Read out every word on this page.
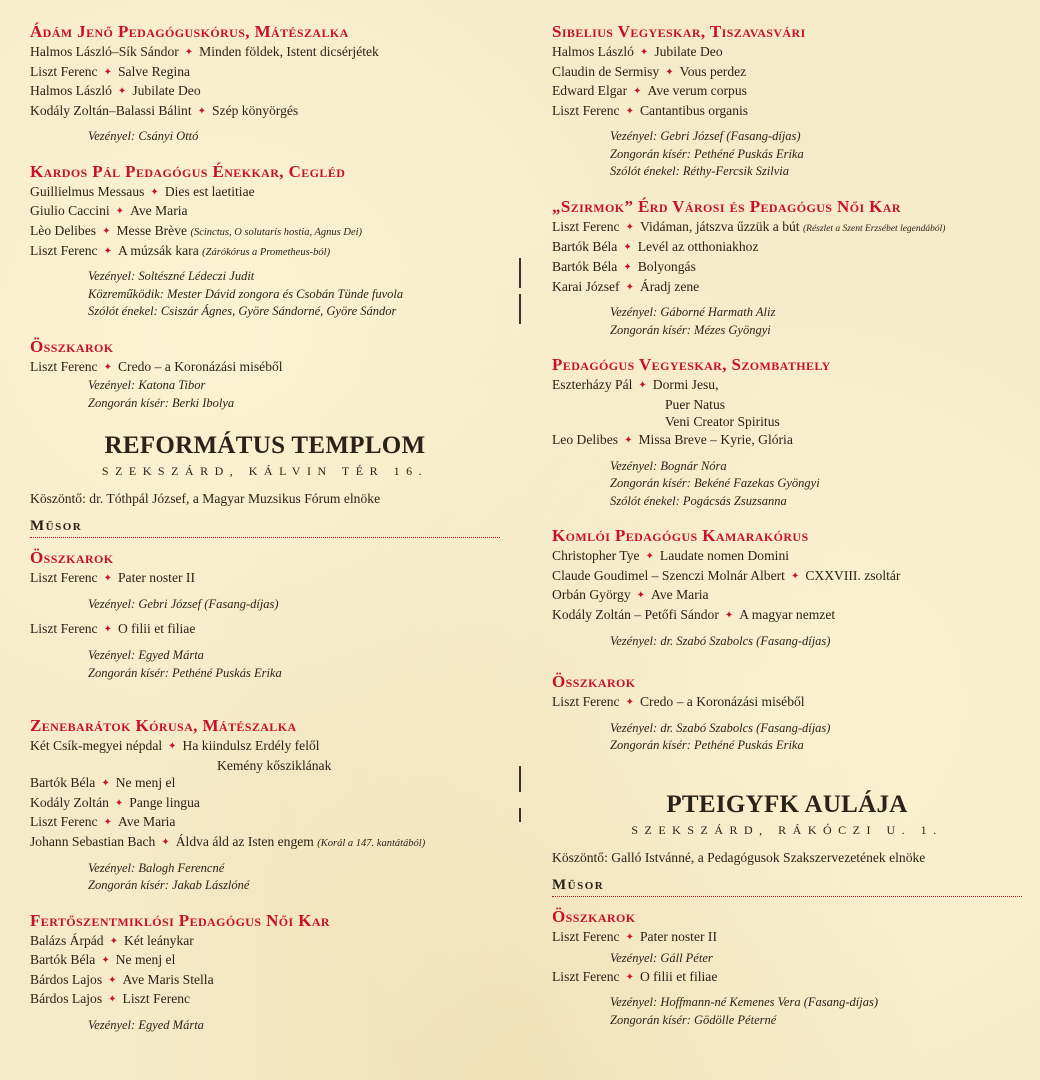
Ádám Jenő Pedagóguskórus, Mátészalka
Halmos László–Sík Sándor ✦ Minden földek, Istent dicsérjétek
Liszt Ferenc ✦ Salve Regina
Halmos László ✦ Jubilate Deo
Kodály Zoltán–Balassi Bálint ✦ Szép könyörgés
Vezényel: Csányi Ottó
Kardos Pál Pedagógus Énekkar, Cegléd
Guillielmus Messaus ✦ Dies est laetitiae
Giulio Caccini ✦ Ave Maria
Lèo Delibes ✦ Messe Brève (Scinctus, O solutaris hostia, Agnus Dei)
Liszt Ferenc ✦ A múzsák kara (Zárókórus a Prometheus-ból)
Vezényel: Soltészné Lédeczi Judit
Közreműködik: Mester Dávid zongora és Csobán Tünde fuvola
Szólót énekel: Csiszár Ágnes, Györe Sándorné, Györe Sándor
Összkarok
Liszt Ferenc ✦ Credo – a Koronázási miséből
Vezényel: Katona Tibor
Zongorán kísér: Berki Ibolya
REFORMÁTUS TEMPLOM
SZEKSZÁRD, KÁLVIN TÉR 16.
Köszöntő: dr. Tóthpál József, a Magyar Muzsikus Fórum elnöke
Műsor
Összkarok
Liszt Ferenc ✦ Pater noster II
Vezényel: Gebri József (Fasang-díjas)
Liszt Ferenc ✦ O filii et filiae
Vezényel: Egyed Márta
Zongorán kísér: Pethéné Puskás Erika
Zenebarátok Kórusa, Mátészalka
Két Csík-megyei népdal ✦ Ha kiindulsz Erdély felől
Kemény kősziklának
Bartók Béla ✦ Ne menj el
Kodály Zoltán ✦ Pange lingua
Liszt Ferenc ✦ Ave Maria
Johann Sebastian Bach ✦ Áldva áld az Isten engem (Korál a 147. kantátából)
Vezényel: Balogh Ferencné
Zongorán kísér: Jakab Lászlóné
Fertőszentmiklósi Pedagógus Női Kar
Balázs Árpád ✦ Két leánykar
Bartók Béla ✦ Ne menj el
Bárdos Lajos ✦ Ave Maris Stella
Bárdos Lajos ✦ Liszt Ferenc
Vezényel: Egyed Márta
Sibelius Vegyeskar, Tiszavasvári
Halmos László ✦ Jubilate Deo
Claudin de Sermisy ✦ Vous perdez
Edward Elgar ✦ Ave verum corpus
Liszt Ferenc ✦ Cantantibus organis
Vezényel: Gebri József (Fasang-díjas)
Zongorán kísér: Pethéné Puskás Erika
Szólót énekel: Réthy-Fercsik Szilvia
„Szirmok” Érd Városi és Pedagógus Női Kar
Liszt Ferenc ✦ Vidáman, játszva űzzük a bút (Részlet a Szent Erzsébet legendából)
Bartók Béla ✦ Levél az otthoniakhoz
Bartók Béla ✦ Bolyongás
Karai József ✦ Áradj zene
Vezényel: Gáborné Harmath Aliz
Zongorán kísér: Mézes Gyöngyi
Pedagógus Vegyeskar, Szombathely
Eszterházy Pál ✦ Dormi Jesu,
Puer Natus
Veni Creator Spiritus
Leo Delibes ✦ Missa Breve – Kyrie, Glória
Vezényel: Bognár Nóra
Zongorán kísér: Bekéné Fazekas Gyöngyi
Szólót énekel: Pogácsás Zsuzsanna
Komlói Pedagógus Kamarakórus
Christopher Tye ✦ Laudate nomen Domini
Claude Goudimel – Szenczi Molnár Albert ✦ CXXVIII. zsoltár
Orbán György ✦ Ave Maria
Kodály Zoltán – Petőfi Sándor ✦ A magyar nemzet
Vezényel: dr. Szabó Szabolcs (Fasang-díjas)
Összkarok
Liszt Ferenc ✦ Credo – a Koronázási miséből
Vezényel: dr. Szabó Szabolcs (Fasang-díjas)
Zongorán kísér: Pethéné Puskás Erika
PTEIGYFK AULÁJA
SZEKSZÁRD, RÁKÓCZI U. 1.
Köszöntő: Galló Istvánné, a Pedagógusok Szakszervezetének elnöke
Műsor
Összkarok
Liszt Ferenc ✦ Pater noster II
Vezényel: Gáll Péter
Liszt Ferenc ✦ O filii et filiae
Vezényel: Hoffmann-né Kemenes Vera (Fasang-díjas)
Zongorán kísér: Gödölle Péterné
